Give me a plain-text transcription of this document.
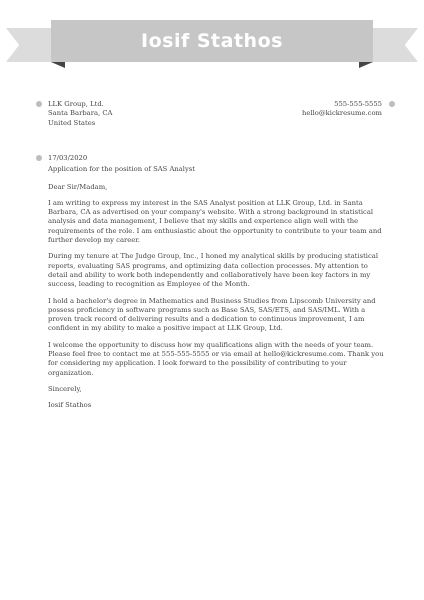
Iosif Stathos
LLK Group, Ltd.
Santa Barbara, CA
United States
555-555-5555
hello@kickresume.com
17/03/2020
Application for the position of SAS Analyst

Dear Sir/Madam,

I am writing to express my interest in the SAS Analyst position at LLK Group, Ltd. in Santa Barbara, CA as advertised on your company's website. With a strong background in statistical analysis and data management, I believe that my skills and experience align well with the requirements of the role. I am enthusiastic about the opportunity to contribute to your team and further develop my career.

During my tenure at The Judge Group, Inc., I honed my analytical skills by producing statistical reports, evaluating SAS programs, and optimizing data collection processes. My attention to detail and ability to work both independently and collaboratively have been key factors in my success, leading to recognition as Employee of the Month.

I hold a bachelor's degree in Mathematics and Business Studies from Lipscomb University and possess proficiency in software programs such as Base SAS, SAS/ETS, and SAS/IML. With a proven track record of delivering results and a dedication to continuous improvement, I am confident in my ability to make a positive impact at LLK Group, Ltd.

I welcome the opportunity to discuss how my qualifications align with the needs of your team. Please feel free to contact me at 555-555-5555 or via email at hello@kickresume.com. Thank you for considering my application. I look forward to the possibility of contributing to your organization.

Sincerely,

Iosif Stathos
